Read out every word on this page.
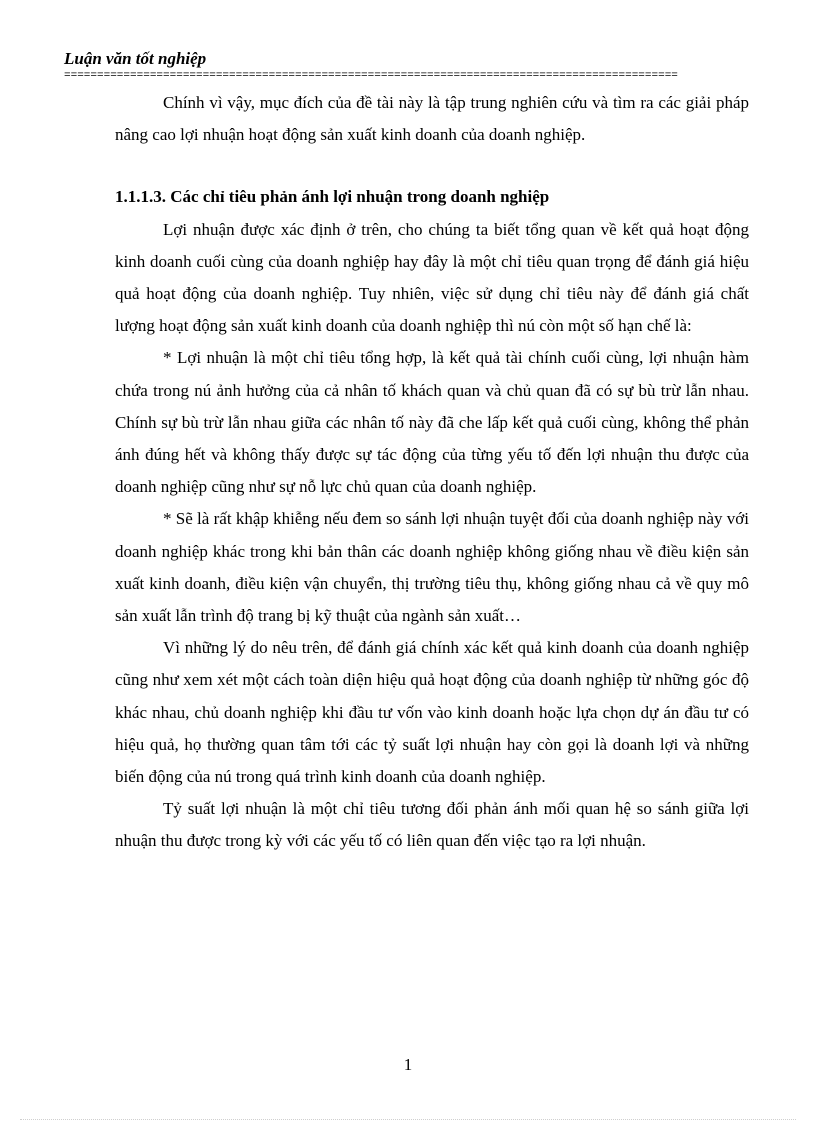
Luận văn tốt nghiệp
=============================================================================================

Chính vì vậy, mục đích của đề tài này là tập trung nghiên cứu và tìm ra các giải pháp nâng cao lợi nhuận hoạt động sản xuất kinh doanh của doanh nghiệp.

1.1.1.3. Các chỉ tiêu phản ánh lợi nhuận trong doanh nghiệp

Lợi nhuận được xác định ở trên, cho chúng ta biết tổng quan về kết quả hoạt động kinh doanh cuối cùng của doanh nghiệp hay đây là một chỉ tiêu quan trọng để đánh giá hiệu quả hoạt động của doanh nghiệp. Tuy nhiên, việc sử dụng chỉ tiêu này để đánh giá chất lượng hoạt động sản xuất kinh doanh của doanh nghiệp thì nú còn một số hạn chế là:

* Lợi nhuận là một chỉ tiêu tổng hợp, là kết quả tài chính cuối cùng, lợi nhuận hàm chứa trong nú ảnh hưởng của cả nhân tố khách quan và chủ quan đã có sự bù trừ lẫn nhau. Chính sự bù trừ lẫn nhau giữa các nhân tố này đã che lấp kết quả cuối cùng, không thể phản ánh đúng hết và không thấy được sự tác động của từng yếu tố đến lợi nhuận thu được của doanh nghiệp cũng như sự nỗ lực chủ quan của doanh nghiệp.

* Sẽ là rất khập khiễng nếu đem so sánh lợi nhuận tuyệt đối của doanh nghiệp này với doanh nghiệp khác trong khi bản thân các doanh nghiệp không giống nhau về điều kiện sản xuất kinh doanh, điều kiện vận chuyển, thị trường tiêu thụ, không giống nhau cả về quy mô sản xuất lẫn trình độ trang bị kỹ thuật của ngành sản xuất…

Vì những lý do nêu trên, để đánh giá chính xác kết quả kinh doanh của doanh nghiệp cũng như xem xét một cách toàn diện hiệu quả hoạt động của doanh nghiệp từ những góc độ khác nhau, chủ doanh nghiệp khi đầu tư vốn vào kinh doanh hoặc lựa chọn dự án đầu tư có hiệu quả, họ thường quan tâm tới các tỷ suất lợi nhuận hay còn gọi là doanh lợi và những biến động của nú trong quá trình kinh doanh của doanh nghiệp.

Tỷ suất lợi nhuận là một chỉ tiêu tương đối phản ánh mối quan hệ so sánh giữa lợi nhuận thu được trong kỳ với các yếu tố có liên quan đến việc tạo ra lợi nhuận.

1
